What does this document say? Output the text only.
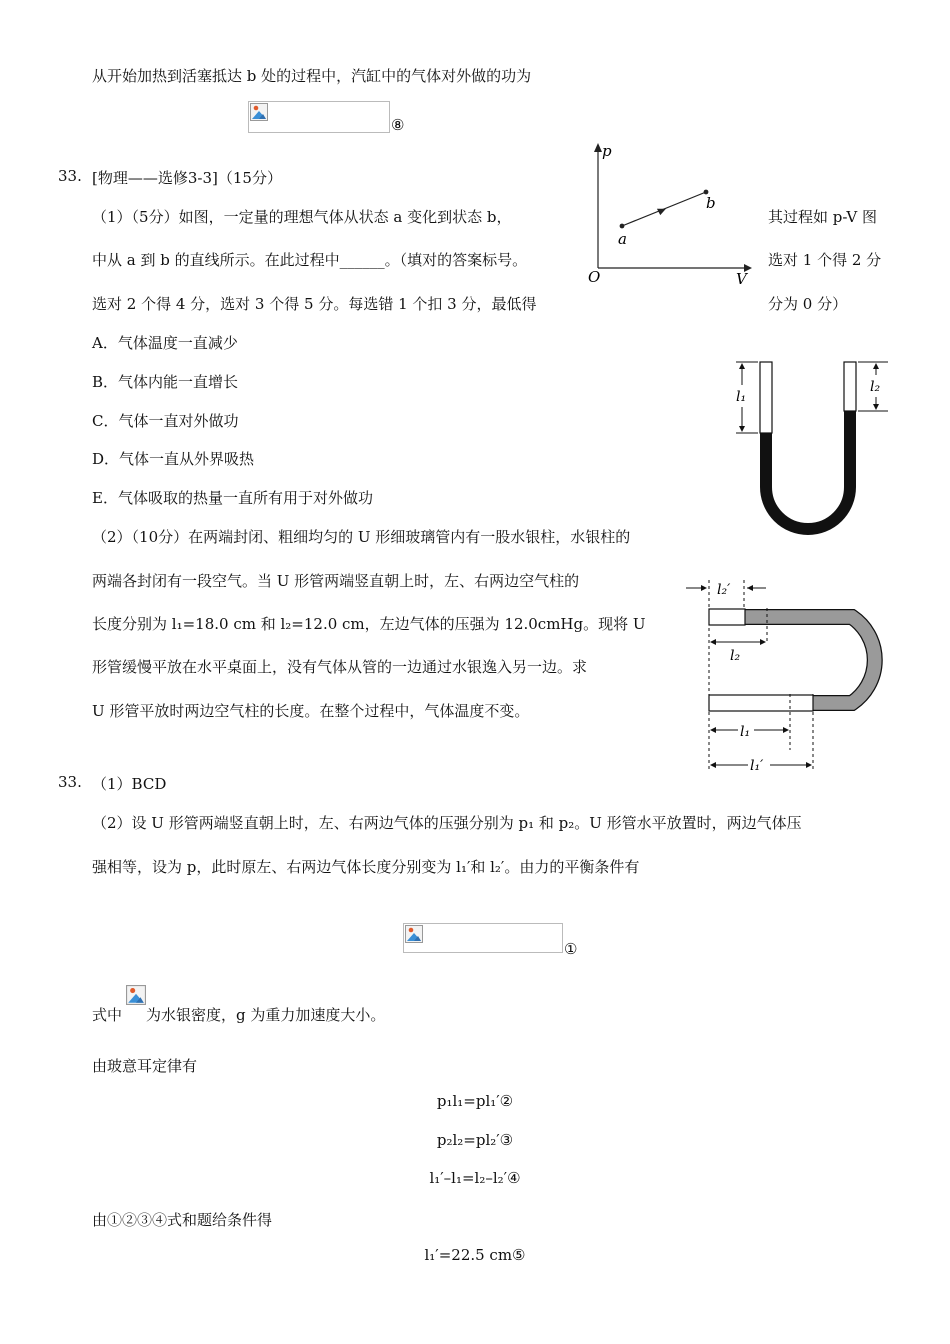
从开始加热到活塞抵达 b 处的过程中，汽缸中的气体对外做的功为
⑧
33. [物理——选修3-3]（15分）
（1）（5分）如图，一定量的理想气体从状态 a 变化到状态 b，	其过程如 p-V 图
中从 a 到 b 的直线所示。在此过程中______。（填对的答案标号。	选对 1 个得 2 分
选对 2 个得 4 分，选对 3 个得 5 分。每选错 1 个扣 3 分，最低得	分为 0 分）
p
V
O
a
b
A．气体温度一直减少
B．气体内能一直增长
C．气体一直对外做功
D．气体一直从外界吸热
E．气体吸取的热量一直所有用于对外做功
l₁
l₂
（2）（10分）在两端封闭、粗细均匀的 U 形细玻璃管内有一股水银柱，水银柱的
两端各封闭有一段空气。当 U 形管两端竖直朝上时，左、右两边空气柱的
长度分别为 l₁=18.0 cm 和 l₂=12.0 cm，左边气体的压强为 12.0cmHg。现将 U
形管缓慢平放在水平桌面上，没有气体从管的一边通过水银逸入另一边。求
U 形管平放时两边空气柱的长度。在整个过程中，气体温度不变。
l₂′
l₂
l₁
l₁′
33. （1）BCD
（2）设 U 形管两端竖直朝上时，左、右两边气体的压强分别为 p₁ 和 p₂。U 形管水平放置时，两边气体压
强相等，设为 p，此时原左、右两边气体长度分别变为 l₁′和 l₂′。由力的平衡条件有
①
式中 为水银密度，g 为重力加速度大小。
由玻意耳定律有
p₁l₁=pl₁′②
p₂l₂=pl₂′③
l₁′–l₁=l₂–l₂′④
由①②③④式和题给条件得
l₁′=22.5 cm⑤
